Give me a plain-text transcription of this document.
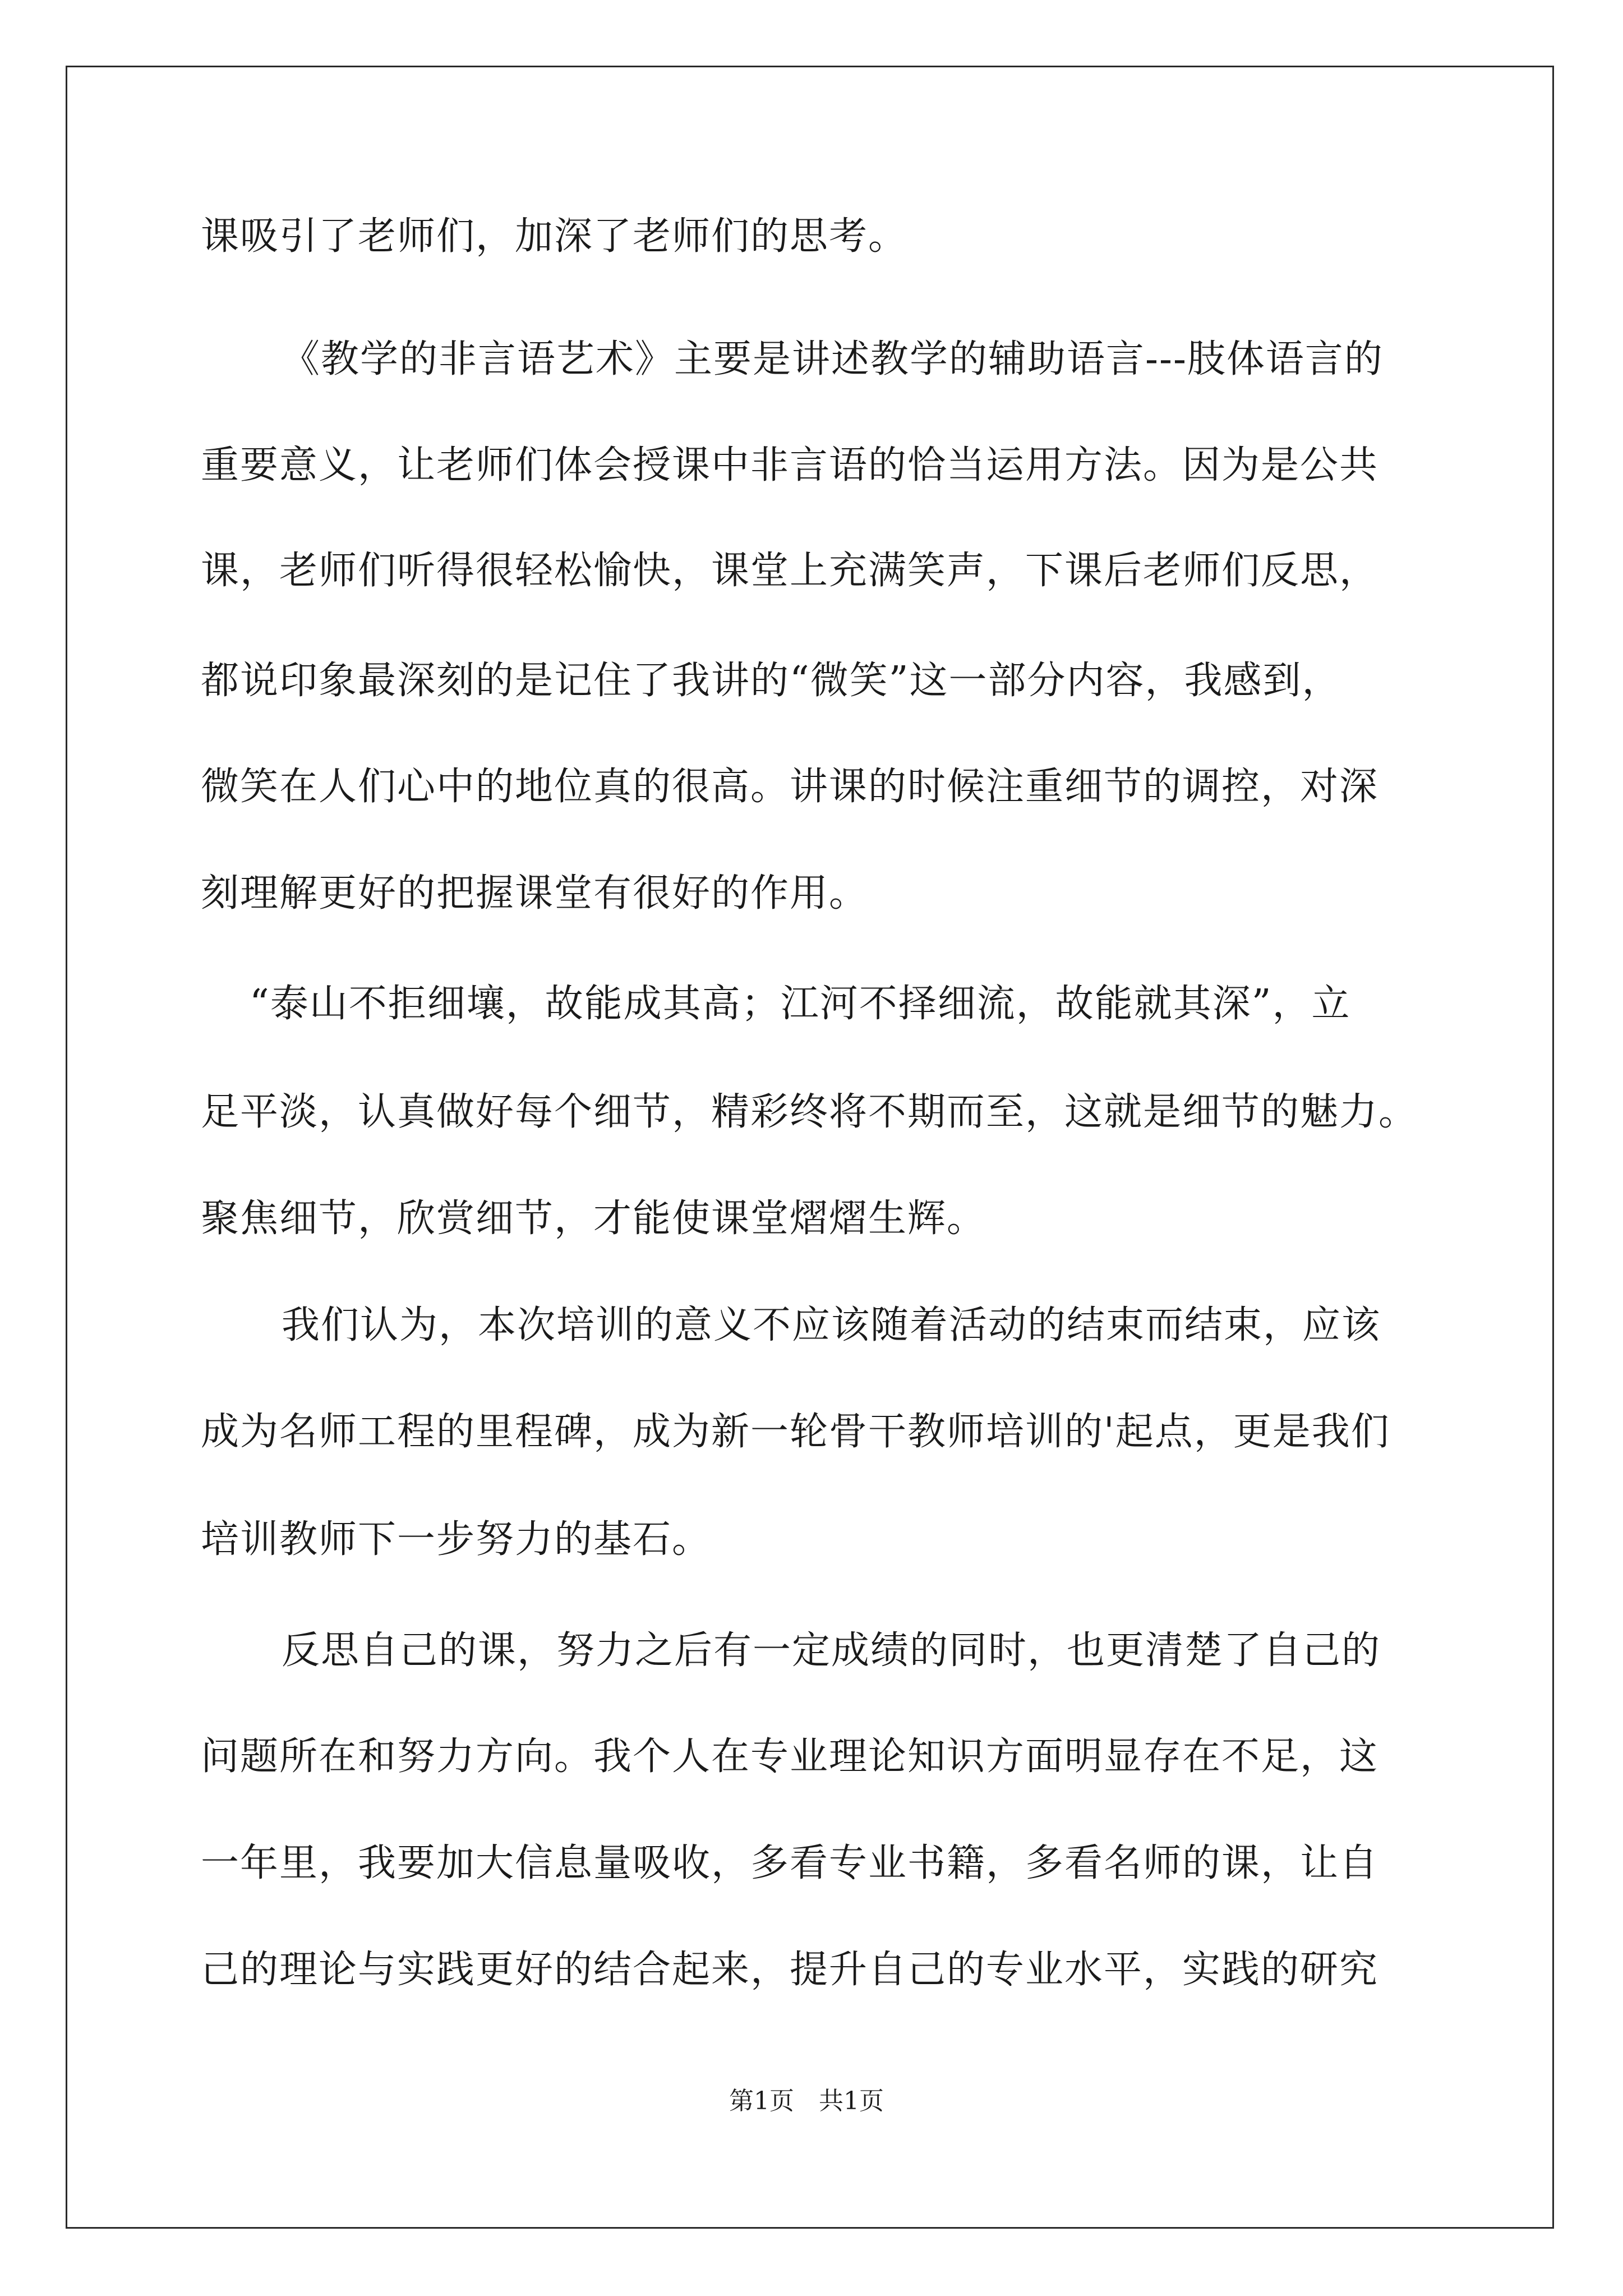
课吸引了老师们，加深了老师们的思考。
《教学的非言语艺术》主要是讲述教学的辅助语言---肢体语言的
重要意义，让老师们体会授课中非言语的恰当运用方法。因为是公共
课，老师们听得很轻松愉快，课堂上充满笑声，下课后老师们反思，
都说印象最深刻的是记住了我讲的“微笑”这一部分内容，我感到，
微笑在人们心中的地位真的很高。讲课的时候注重细节的调控，对深
刻理解更好的把握课堂有很好的作用。
“泰山不拒细壤，故能成其高；江河不择细流，故能就其深”，立
足平淡，认真做好每个细节，精彩终将不期而至，这就是细节的魅力。
聚焦细节，欣赏细节，才能使课堂熠熠生辉。
我们认为，本次培训的意义不应该随着活动的结束而结束，应该
成为名师工程的里程碑，成为新一轮骨干教师培训的'起点，更是我们
培训教师下一步努力的基石。
反思自己的课，努力之后有一定成绩的同时，也更清楚了自己的
问题所在和努力方向。我个人在专业理论知识方面明显存在不足，这
一年里，我要加大信息量吸收，多看专业书籍，多看名师的课，让自
己的理论与实践更好的结合起来，提升自己的专业水平，实践的研究
第1页　共1页
